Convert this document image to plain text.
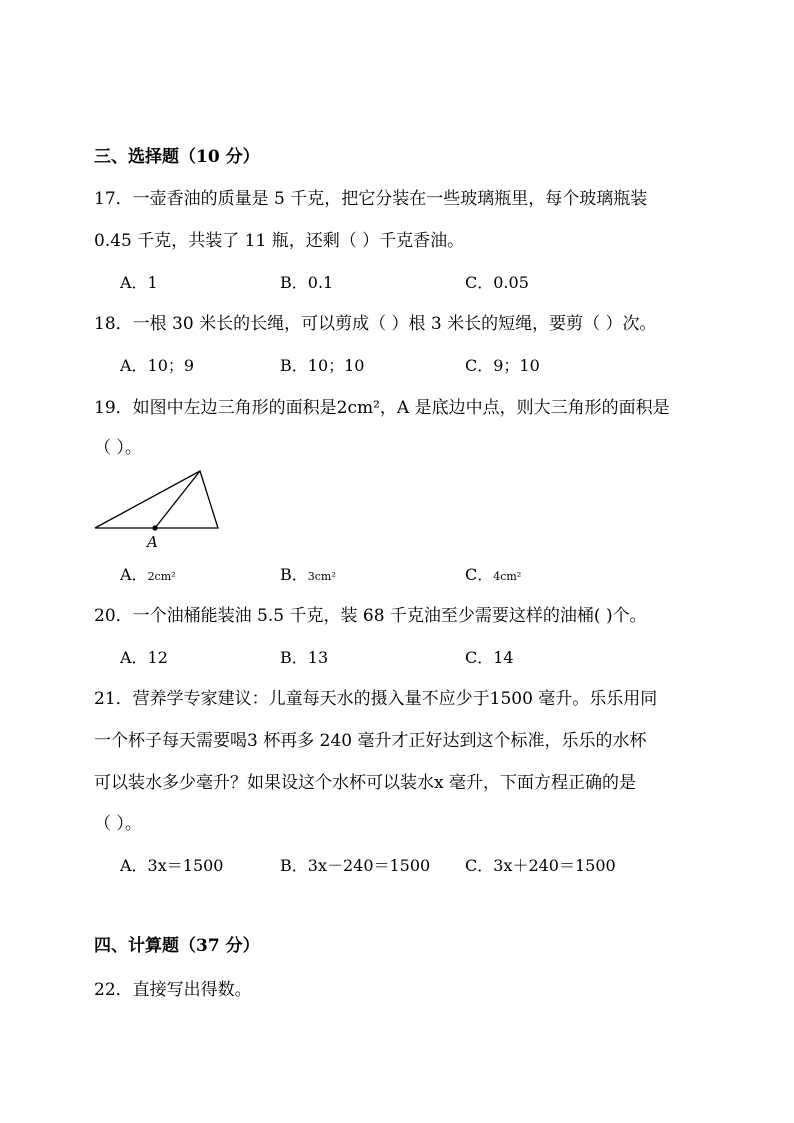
三、选择题（10 分）
17．一壶香油的质量是 5 千克，把它分装在一些玻璃瓶里，每个玻璃瓶装
0.45 千克，共装了 11 瓶，还剩（ ）千克香油。
A．1	B．0.1	C．0.05
18．一根 30 米长的长绳，可以剪成（ ）根 3 米长的短绳，要剪（ ）次。
A．10；9	B．10；10	C．9；10
19．如图中左边三角形的面积是2cm²，A 是底边中点，则大三角形的面积是
（ ）。
A
A．2cm²	B．3cm²	C．4cm²
20．一个油桶能装油 5.5 千克，装 68 千克油至少需要这样的油桶( )个。
A．12	B．13	C．14
21．营养学专家建议：儿童每天水的摄入量不应少于1500 毫升。乐乐用同
一个杯子每天需要喝3 杯再多 240 毫升才正好达到这个标准，乐乐的水杯
可以装水多少毫升？如果设这个水杯可以装水x 毫升，下面方程正确的是
（ ）。
A．3x＝1500	B．3x－240＝1500 C．3x＋240＝1500
四、计算题（37 分）
22．直接写出得数。
